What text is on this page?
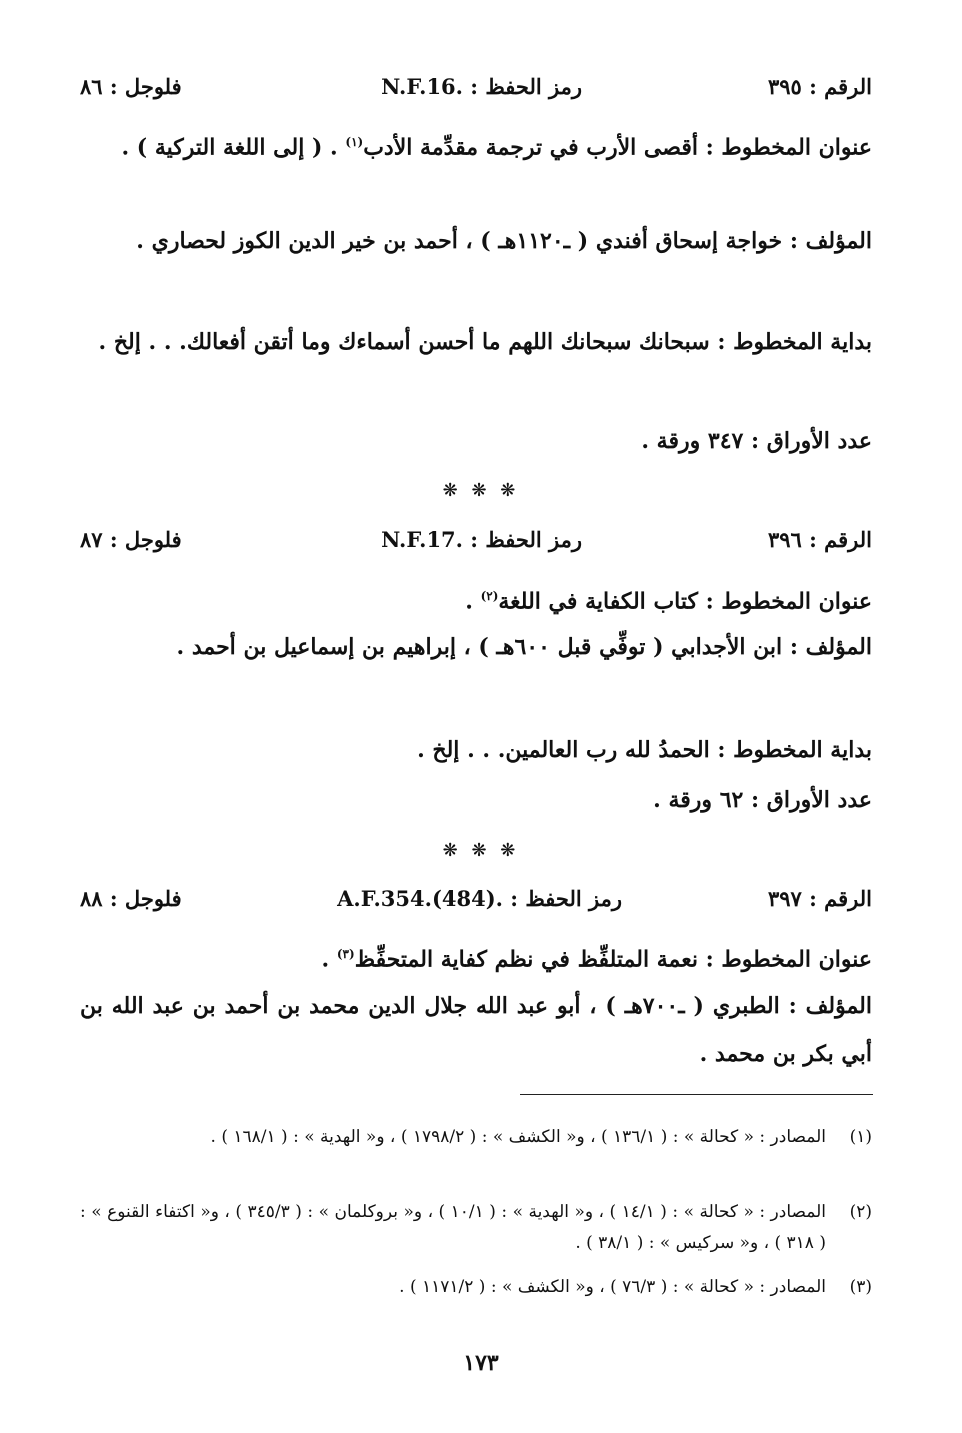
الرقم : ٣٩٥
رمز الحفظ : N.F.16.
فلوجل : ٨٦
عنوان المخطوط : أقصى الأرب في ترجمة مقدِّمة الأدب$^{(١)}$ . ( إلى اللغة التركية ) .
المؤلف : خواجة إسحاق أفندي ( ـ١١٢٠هـ ) ، أحمد بن خير الدين الكوز لحصاري .
بداية المخطوط : سبحانك سبحانك اللهم ما أحسن أسماءك وما أتقن أفعالك. . . إلخ .
عدد الأوراق : ٣٤٧ ورقة .
❋ ❋ ❋
الرقم : ٣٩٦
رمز الحفظ : N.F.17.
فلوجل : ٨٧
عنوان المخطوط : كتاب الكفاية في اللغة$^{(٢)}$ .
المؤلف : ابن الأجدابي ( توفِّي قبل ٦٠٠هـ ) ، إبراهيم بن إسماعيل بن أحمد .
بداية المخطوط : الحمدُ لله رب العالمين. . . إلخ .
عدد الأوراق : ٦٢ ورقة .
❋ ❋ ❋
الرقم : ٣٩٧
رمز الحفظ : A.F.354.(484).
فلوجل : ٨٨
عنوان المخطوط : نعمة المتلفِّظ في نظم كفاية المتحفِّظ$^{(٣)}$ .
المؤلف : الطبري ( ـ٧٠٠هـ ) ، أبو عبد الله جلال الدين محمد بن أحمد بن عبد الله بن أبي بكر بن محمد .
(١)
المصادر : « كحالة » : ( ١٣٦/١ ) ، و« الكشف » : ( ١٧٩٨/٢ ) ، و« الهدية » : ( ١٦٨/١ ) .
(٢)
المصادر : « كحالة » : ( ١٤/١ ) ، و« الهدية » : ( ١٠/١ ) ، و« بروكلمان » : ( ٣٤٥/٣ ) ، و« اكتفاء القنوع » : ( ٣١٨ ) ، و« سركيس » : ( ٣٨/١ ) .
(٣)
المصادر : « كحالة » : ( ٧٦/٣ ) ، و« الكشف » : ( ١١٧١/٢ ) .
١٧٣
